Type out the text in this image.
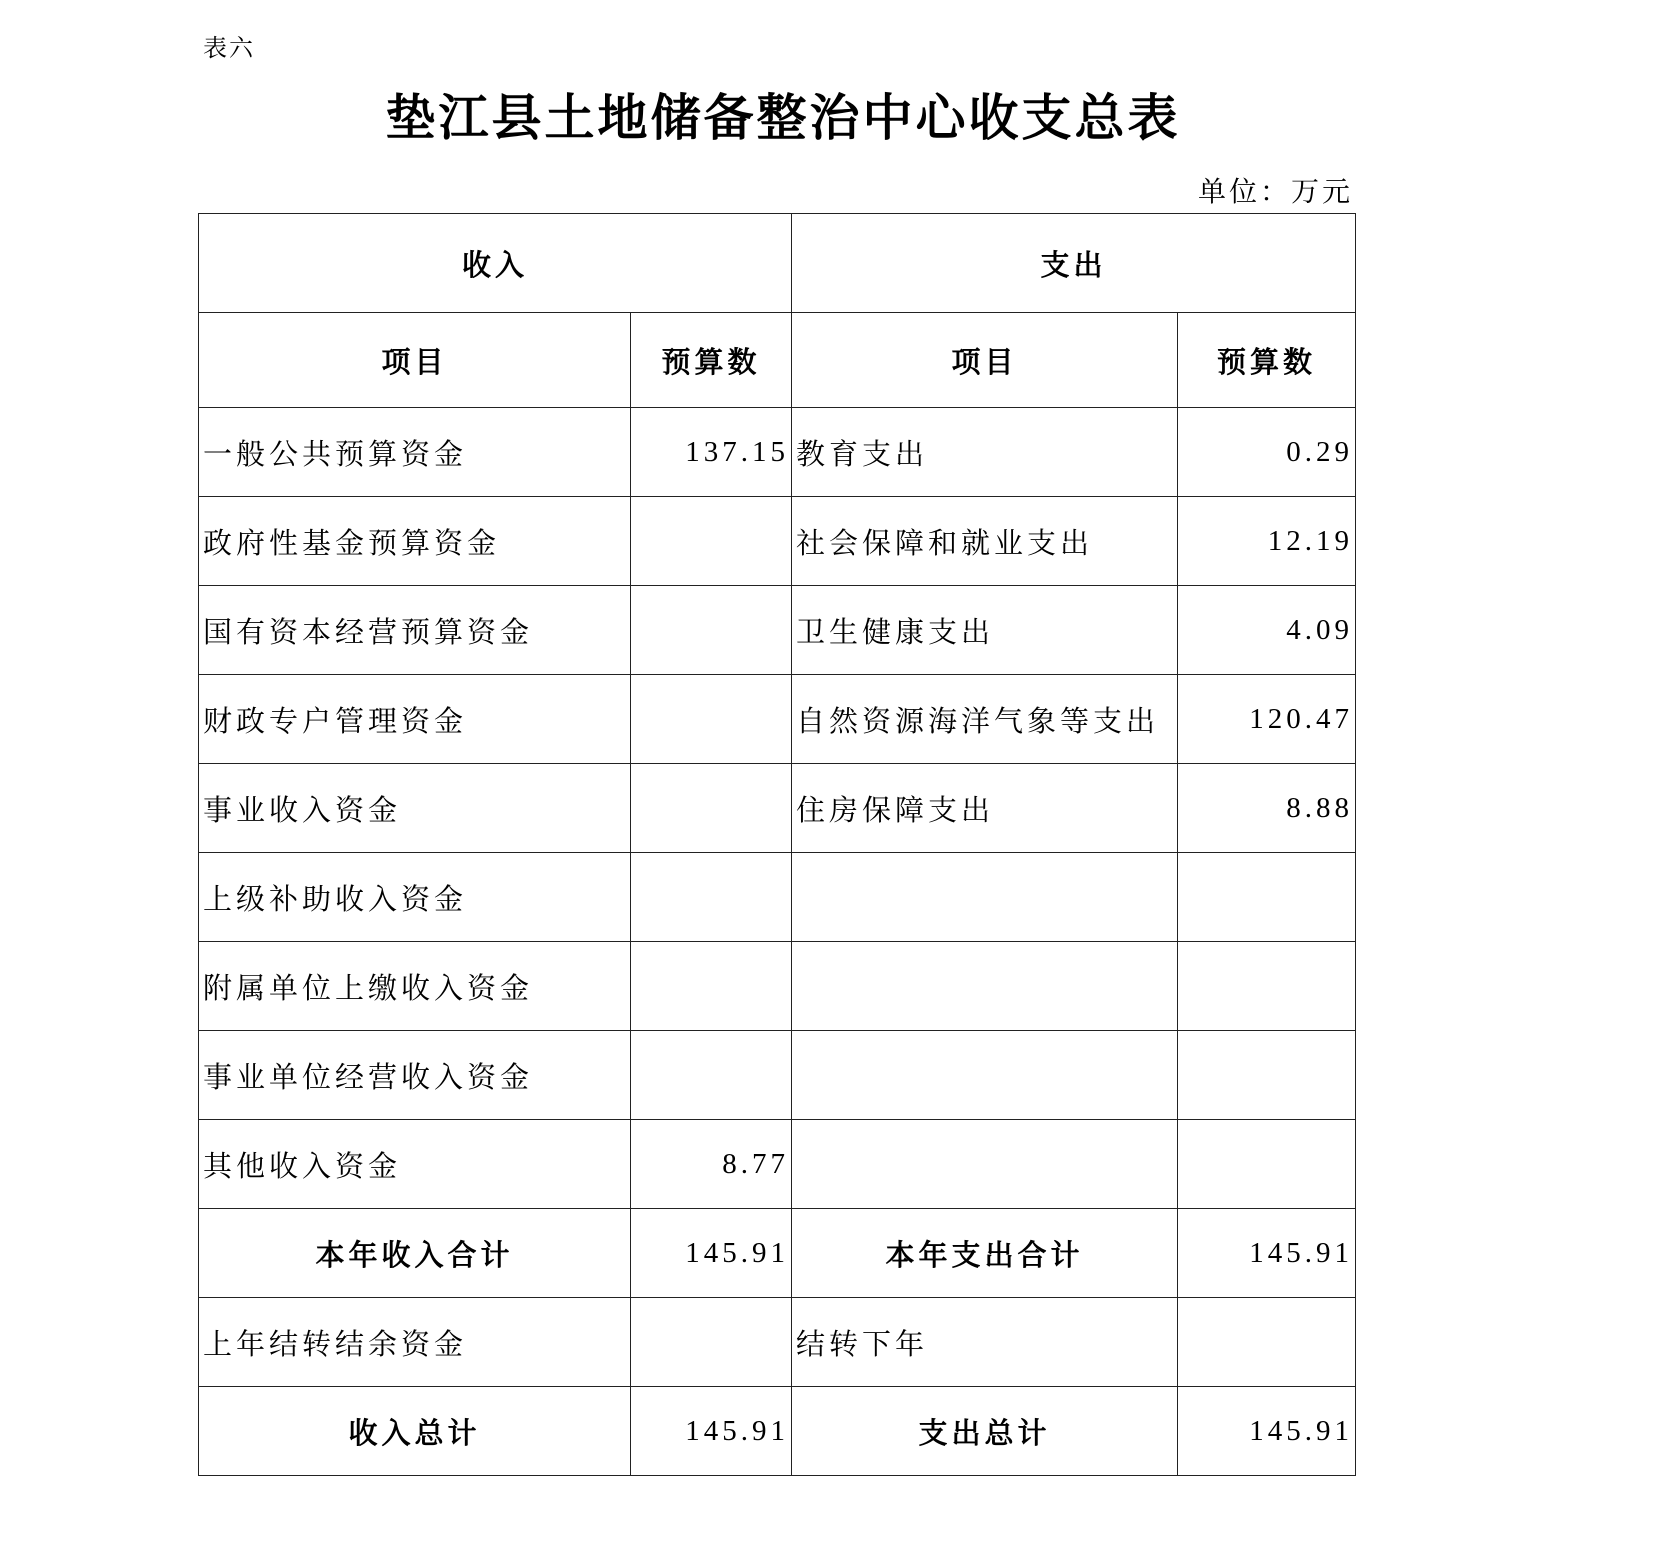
表六
垫江县土地储备整治中心收支总表
单位：万元
收入		支出	
项目	预算数	项目	预算数
一般公共预算资金	137.15	教育支出	0.29
政府性基金预算资金		社会保障和就业支出	12.19
国有资本经营预算资金		卫生健康支出	4.09
财政专户管理资金		自然资源海洋气象等支出	120.47
事业收入资金		住房保障支出	8.88
上级补助收入资金			
附属单位上缴收入资金			
事业单位经营收入资金			
其他收入资金	8.77		
本年收入合计	145.91	本年支出合计	145.91
上年结转结余资金		结转下年	
收入总计	145.91	支出总计	145.91
